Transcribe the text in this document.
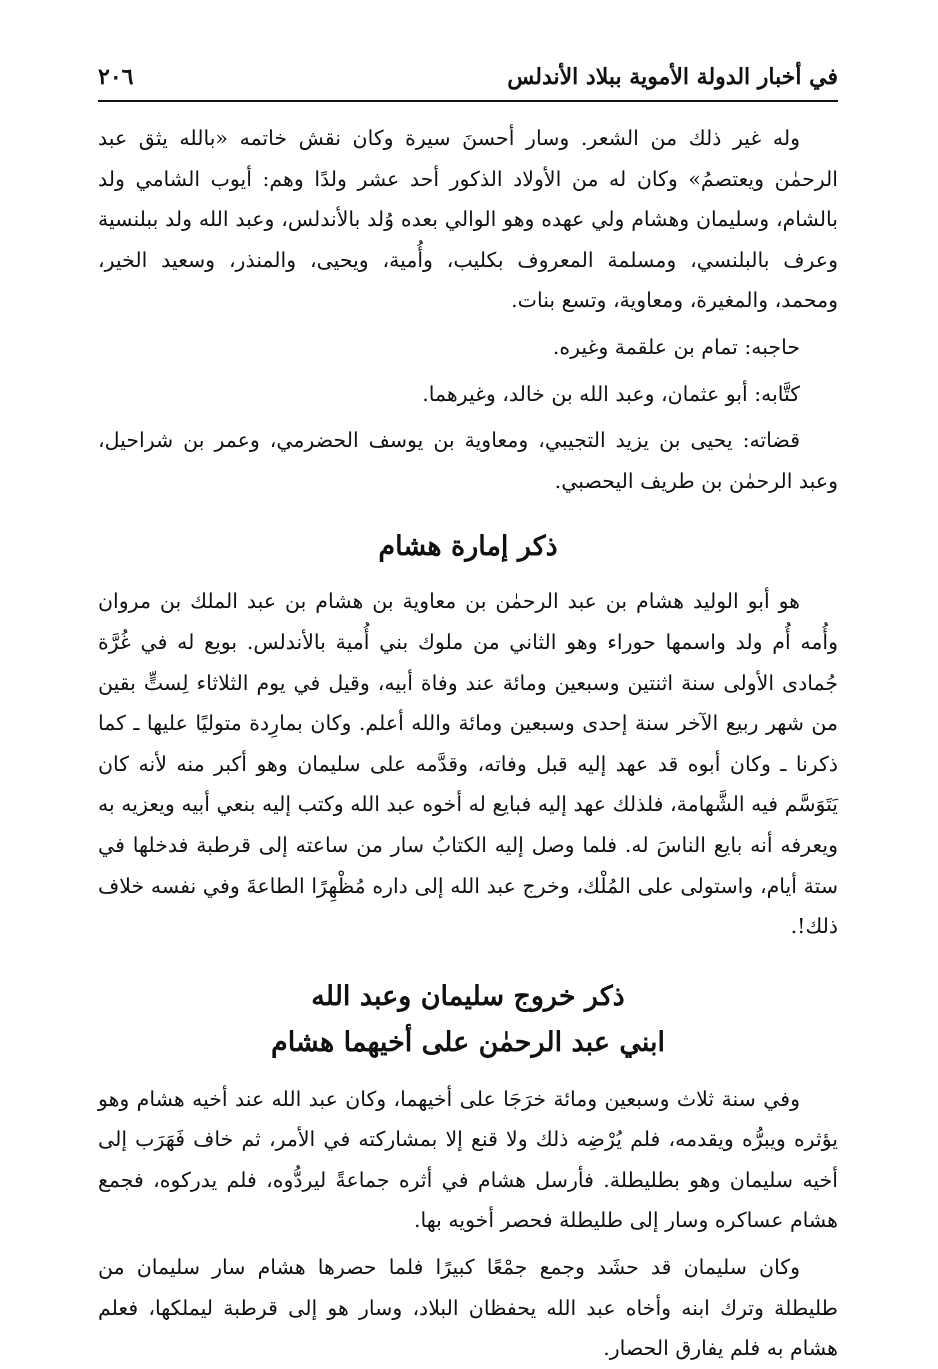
في أخبار الدولة الأموية ببلاد الأندلس
٢٠٦

وله غير ذلك من الشعر. وسار أحسنَ سيرة وكان نقش خاتمه «بالله يثق عبد الرحمٰن ويعتصمُ» وكان له من الأولاد الذكور أحد عشر ولدًا وهم: أيوب الشامي ولد بالشام، وسليمان وهشام ولي عهده وهو الوالي بعده وُلد بالأندلس، وعبد الله ولد ببلنسية وعرف بالبلنسي، ومسلمة المعروف بكليب، وأُمية، ويحيى، والمنذر، وسعيد الخير، ومحمد، والمغيرة، ومعاوية، وتسع بنات.

حاجبه: تمام بن علقمة وغيره.

كتَّابه: أبو عثمان، وعبد الله بن خالد، وغيرهما.

قضاته: يحيى بن يزيد التجيبي، ومعاوية بن يوسف الحضرمي، وعمر بن شراحيل، وعبد الرحمٰن بن طريف اليحصبي.

ذكر إمارة هشام

هو أبو الوليد هشام بن عبد الرحمٰن بن معاوية بن هشام بن عبد الملك بن مروان وأُمه أُم ولد واسمها حوراء وهو الثاني من ملوك بني أُمية بالأندلس. بويع له في غُرَّة جُمادى الأولى سنة اثنتين وسبعين ومائة عند وفاة أبيه، وقيل في يوم الثلاثاء لِستٍّ بقين من شهر ربيع الآخر سنة إحدى وسبعين ومائة والله أعلم. وكان بمارِدة متوليًا عليها ـ كما ذكرنا ـ وكان أبوه قد عهد إليه قبل وفاته، وقدَّمه على سليمان وهو أكبر منه لأنه كان يَتَوَسَّم فيه الشَّهامة، فلذلك عهد إليه فبايع له أخوه عبد الله وكتب إليه بنعي أبيه ويعزيه به ويعرفه أنه بايع الناسَ له. فلما وصل إليه الكتابُ سار من ساعته إلى قرطبة فدخلها في ستة أيام، واستولى على المُلْك، وخرج عبد الله إلى داره مُظْهِرًا الطاعةَ وفي نفسه خلاف ذلك!.

ذكر خروج سليمان وعبد الله
ابني عبد الرحمٰن على أخيهما هشام

وفي سنة ثلاث وسبعين ومائة خرَجَا على أخيهما، وكان عبد الله عند أخيه هشام وهو يؤثره ويبرُّه ويقدمه، فلم يُرْضِه ذلك ولا قنع إلا بمشاركته في الأمر، ثم خاف فَهَرَب إلى أخيه سليمان وهو بطليطلة. فأرسل هشام في أثره جماعةً ليردُّوه، فلم يدركوه، فجمع هشام عساكره وسار إلى طليطلة فحصر أخويه بها.

وكان سليمان قد حشَد وجمع جمْعًا كبيرًا فلما حصرها هشام سار سليمان من طليطلة وترك ابنه وأخاه عبد الله يحفظان البلاد، وسار هو إلى قرطبة ليملكها، فعلم هشام به فلم يفارق الحصار.
